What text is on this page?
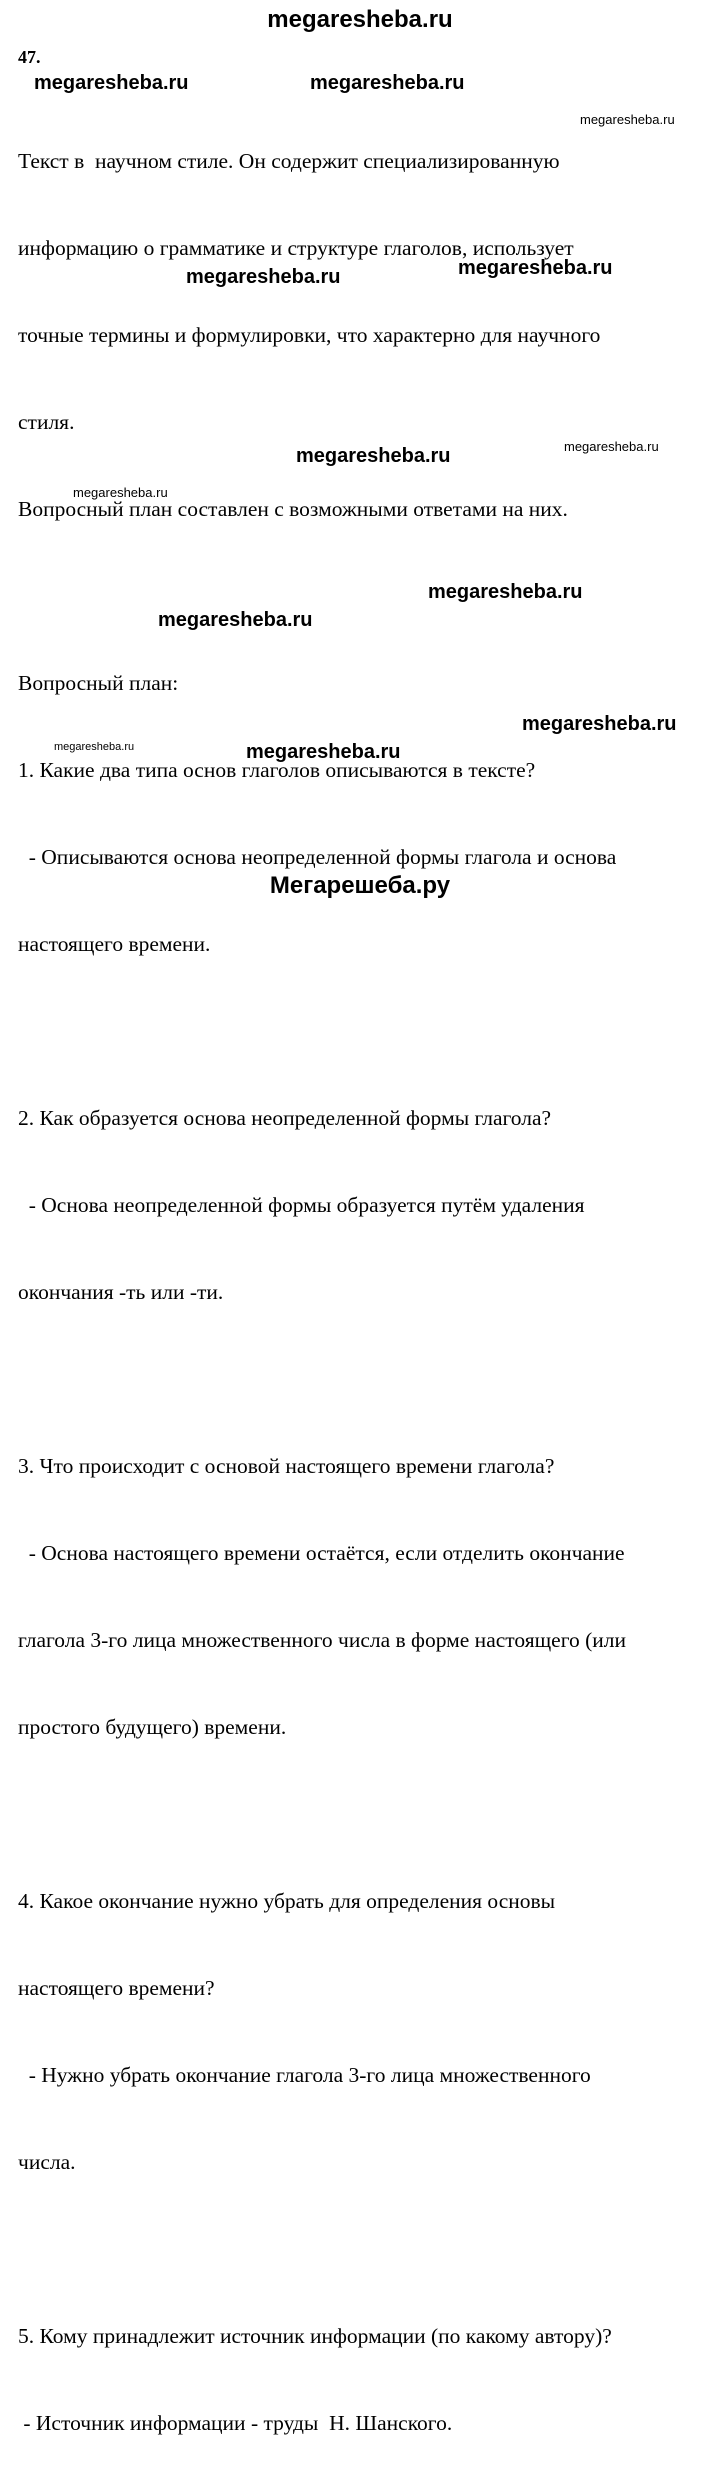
megaresheba.ru
47.

Текст в  научном стиле. Он содержит специализированную

информацию о грамматике и структуре глаголов, использует

точные термины и формулировки, что характерно для научного

стиля.

Вопросный план составлен с возможными ответами на них.

Вопросный план:

1. Какие два типа основ глаголов описываются в тексте?

- Описываются основа неопределенной формы глагола и основа

настоящего времени.

2. Как образуется основа неопределенной формы глагола?

- Основа неопределенной формы образуется путём удаления

окончания -ть или -ти.

3. Что происходит с основой настоящего времени глагола?

- Основа настоящего времени остаётся, если отделить окончание

глагола 3-го лица множественного числа в форме настоящего (или

простого будущего) времени.

4. Какое окончание нужно убрать для определения основы

настоящего времени?

- Нужно убрать окончание глагола 3-го лица множественного

числа.

5. Кому принадлежит источник информации (по какому автору)?

- Источник информации - труды  Н. Шанского.

megaresheba.ru	megaresheba.ru
megaresheba.ru
megaresheba.ru	megaresheba.ru
megaresheba.ru	megaresheba.ru
megaresheba.ru
megaresheba.ru
megaresheba.ru
megaresheba.ru
megaresheba.ru	megaresheba.ru
Мегарешеба.ру
